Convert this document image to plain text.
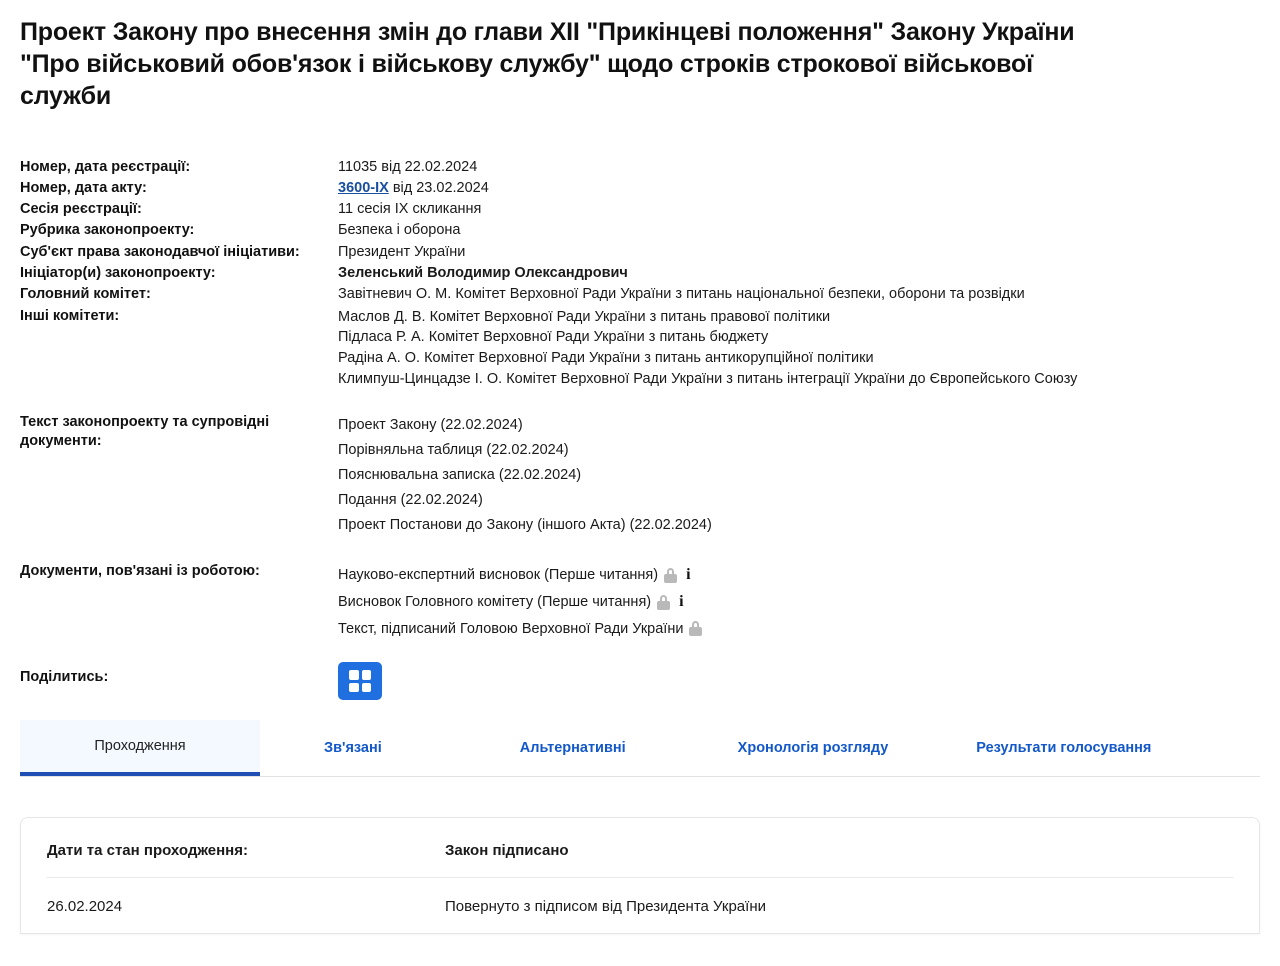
Проект Закону про внесення змін до глави XII "Прикінцеві положення" Закону України "Про військовий обов'язок і військову службу" щодо строків строкової військової служби
Номер, дата реєстрації:	11035 від 22.02.2024
Номер, дата акту:	3600-IX від 23.02.2024
Сесія реєстрації:	11 сесія IX скликання
Рубрика законопроекту:	Безпека і оборона
Суб'єкт права законодавчої ініціативи:	Президент України
Ініціатор(и) законопроекту:	Зеленський Володимир Олександрович
Головний комітет:	Завітневич О. М. Комітет Верховної Ради України з питань національної безпеки, оборони та розвідки
Інші комітети:	Маслов Д. В. Комітет Верховної Ради України з питань правової політики
Підласа Р. А. Комітет Верховної Ради України з питань бюджету
Радіна А. О. Комітет Верховної Ради України з питань антикорупційної політики
Климпуш-Цинцадзе І. О. Комітет Верховної Ради України з питань інтеграції України до Європейського Союзу

Текст законопроекту та супровідні документи:	Проект Закону (22.02.2024)
Порівняльна таблиця (22.02.2024)
Пояснювальна записка (22.02.2024)
Подання (22.02.2024)
Проект Постанови до Закону (іншого Акта) (22.02.2024)

Документи, пов'язані із роботою:	Науково-експертний висновок (Перше читання) i
Висновок Головного комітету (Перше читання) i
Текст, підписаний Головою Верховної Ради України

Поділитись:	
Проходження	Зв'язані	Альтернативні	Хронологія розгляду	Результати голосування
Дати та стан проходження:	Закон підписано
26.02.2024	Повернуто з підписом від Президента України
